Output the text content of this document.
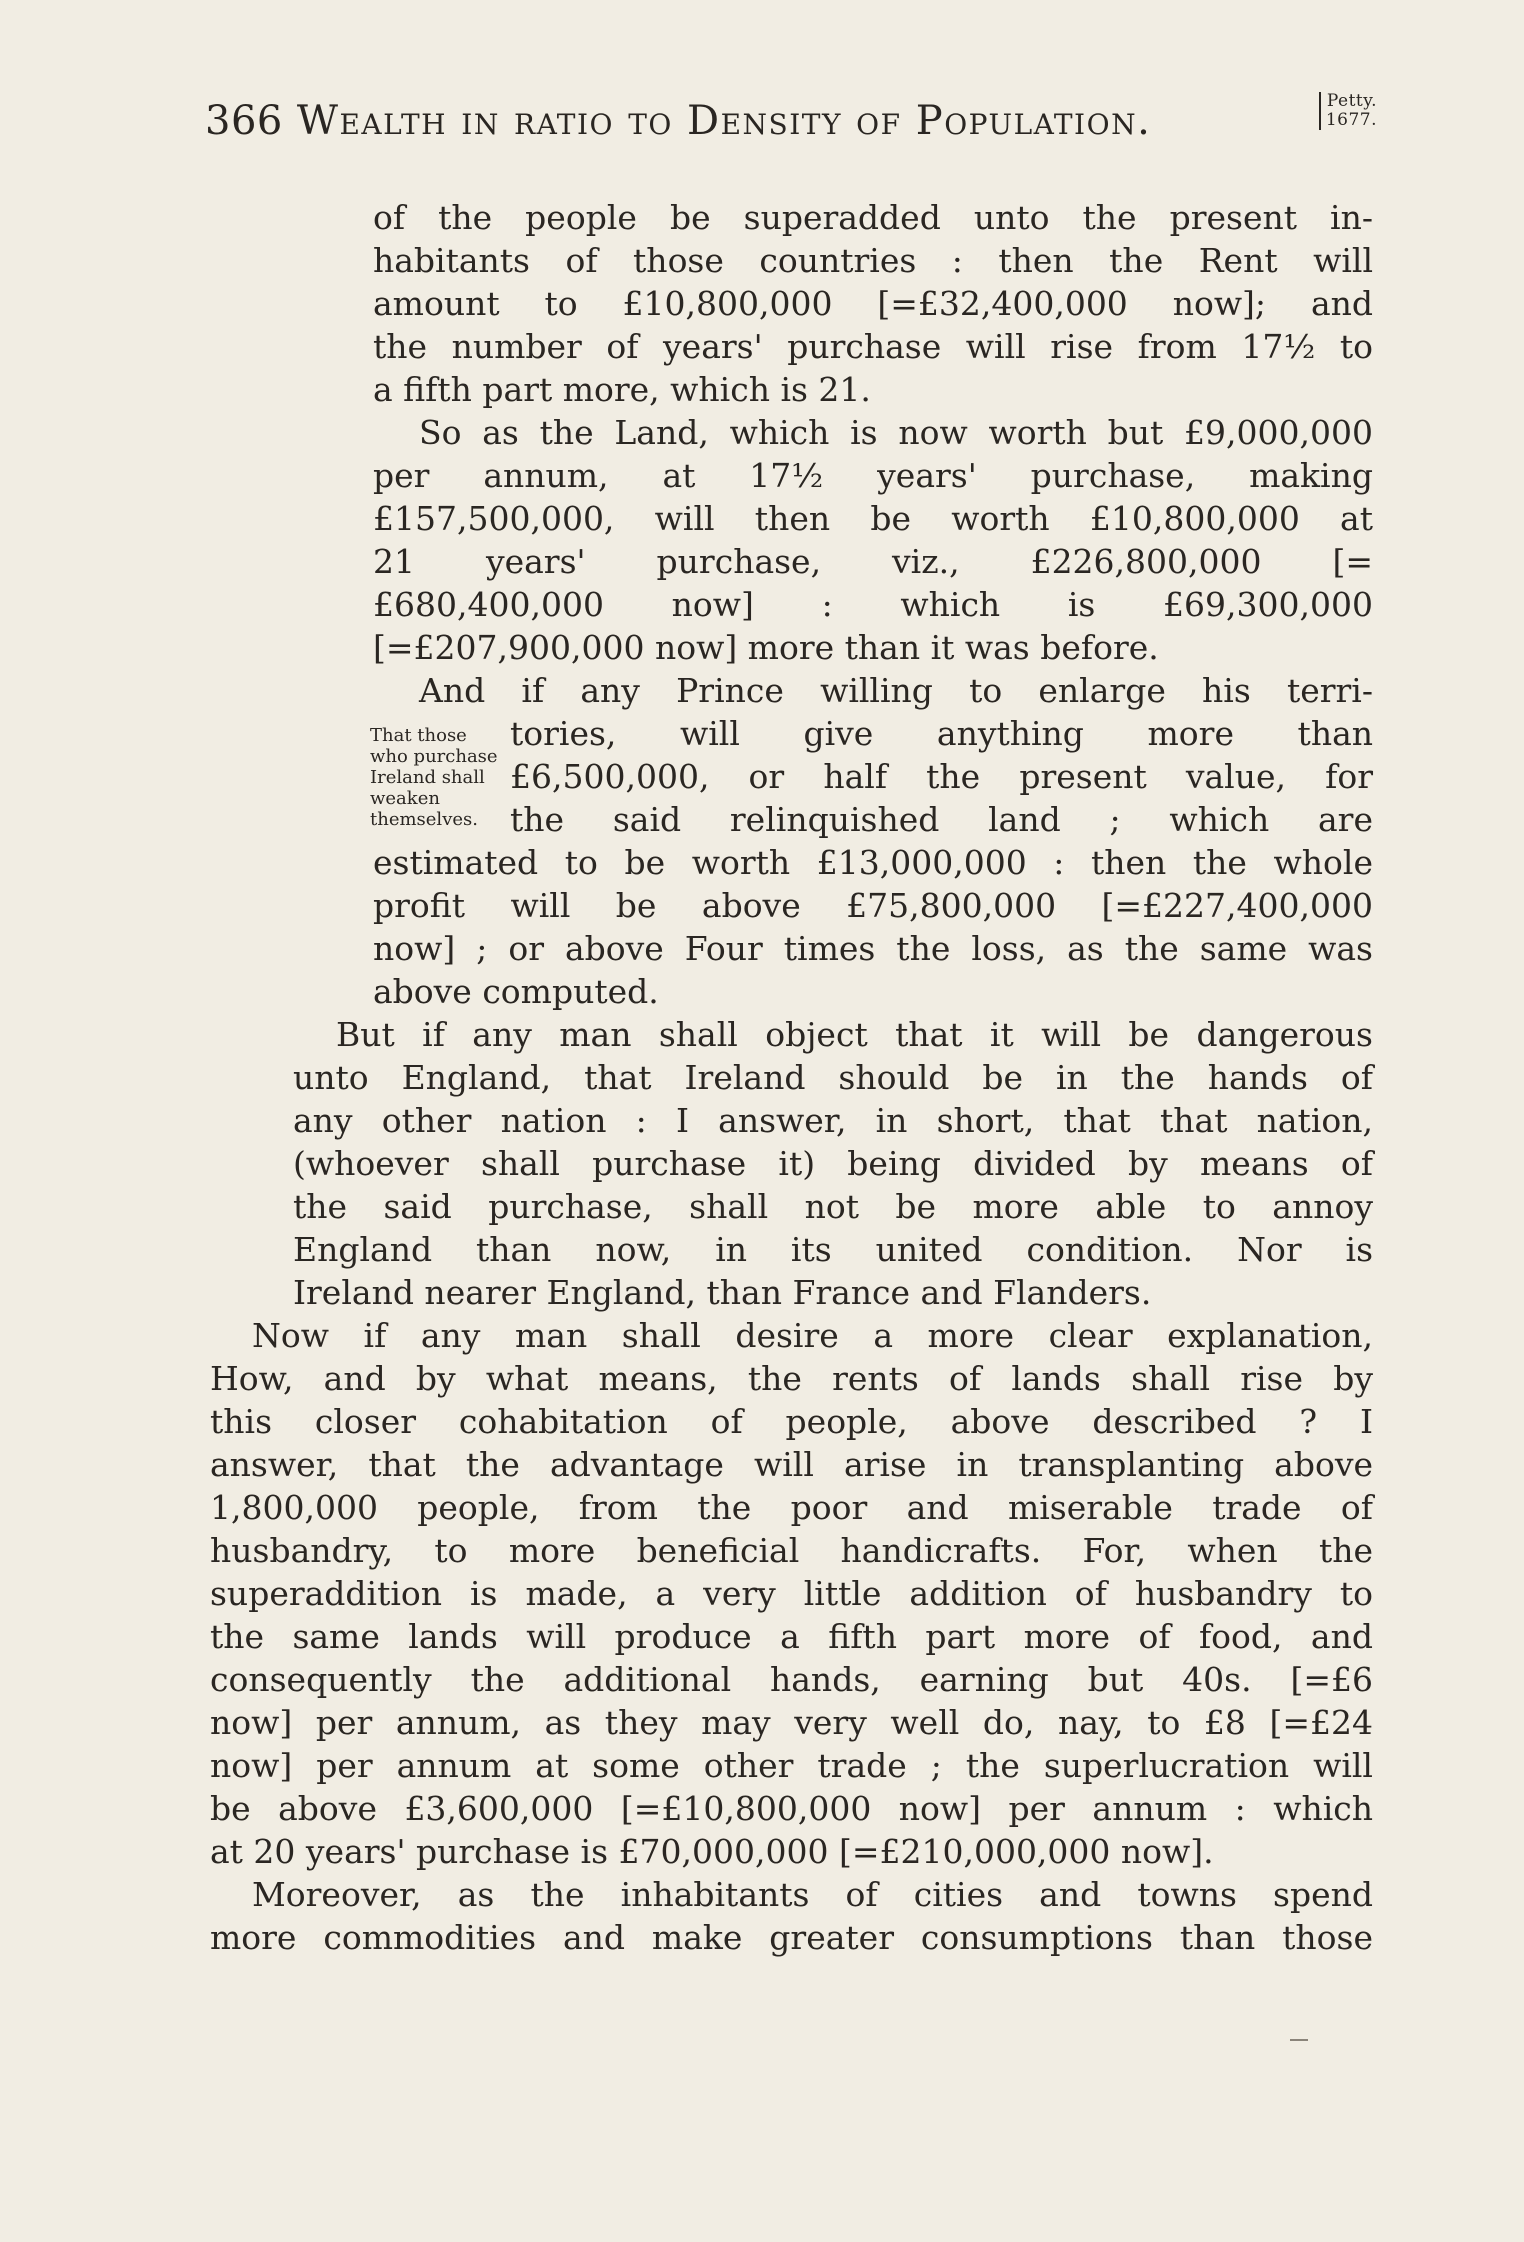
366 Wealth in ratio to Density of Population.	Petty.
1677.
That those
who purchase
Ireland shall
weaken
themselves.
of the people be superadded unto the present in-
habitants of those countries : then the Rent will
amount to £10,800,000 [=£32,400,000 now]; and
the number of years' purchase will rise from 17½ to
a fifth part more, which is 21.
So as the Land, which is now worth but £9,000,000
per annum, at 17½ years' purchase, making
£157,500,000, will then be worth £10,800,000 at
21 years' purchase, viz., £226,800,000 [=
£680,400,000 now] : which is £69,300,000
[=£207,900,000 now] more than it was before.
And if any Prince willing to enlarge his terri-
tories, will give anything more than
£6,500,000, or half the present value, for
the said relinquished land ; which are
estimated to be worth £13,000,000 : then the whole
profit will be above £75,800,000 [=£227,400,000
now] ; or above Four times the loss, as the same was
above computed.
But if any man shall object that it will be dangerous
unto England, that Ireland should be in the hands of
any other nation : I answer, in short, that that nation,
(whoever shall purchase it) being divided by means of
the said purchase, shall not be more able to annoy
England than now, in its united condition. Nor is
Ireland nearer England, than France and Flanders.
Now if any man shall desire a more clear explanation,
How, and by what means, the rents of lands shall rise by
this closer cohabitation of people, above described ? I
answer, that the advantage will arise in transplanting above
1,800,000 people, from the poor and miserable trade of
husbandry, to more beneficial handicrafts. For, when the
superaddition is made, a very little addition of husbandry to
the same lands will produce a fifth part more of food, and
consequently the additional hands, earning but 40s. [=£6
now] per annum, as they may very well do, nay, to £8 [=£24
now] per annum at some other trade ; the superlucration will
be above £3,600,000 [=£10,800,000 now] per annum : which
at 20 years' purchase is £70,000,000 [=£210,000,000 now].
Moreover, as the inhabitants of cities and towns spend
more commodities and make greater consumptions than those
